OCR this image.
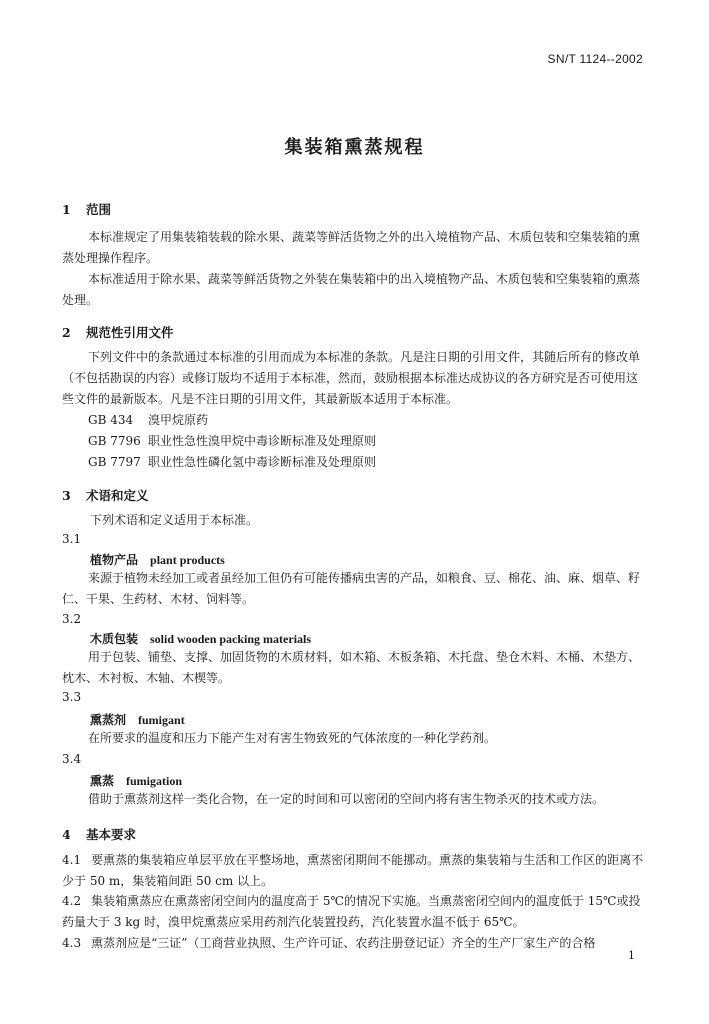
SN/T 1124--2002
集装箱熏蒸规程
1 范围
本标准规定了用集装箱装载的除水果、蔬菜等鲜活货物之外的出入境植物产品、木质包装和空集装箱的熏蒸处理操作程序。
本标准适用于除水果、蔬菜等鲜活货物之外装在集装箱中的出入境植物产品、木质包装和空集装箱的熏蒸处理。
2 规范性引用文件
下列文件中的条款通过本标准的引用而成为本标准的条款。凡是注日期的引用文件，其随后所有的修改单（不包括勘误的内容）或修订版均不适用于本标准，然而，鼓励根据本标准达成协议的各方研究是否可使用这些文件的最新版本。凡是不注日期的引用文件，其最新版本适用于本标准。
GB 434 溴甲烷原药
GB 7796 职业性急性溴甲烷中毒诊断标准及处理原则
GB 7797 职业性急性磷化氢中毒诊断标准及处理原则
3 术语和定义
下列术语和定义适用于本标准。
3.1
植物产品 plant products
来源于植物未经加工或者虽经加工但仍有可能传播病虫害的产品，如粮食、豆、棉花、油、麻、烟草、籽仁、干果、生药材、木材、饲料等。
3.2
木质包装 solid wooden packing materials
用于包装、铺垫、支撑、加固货物的木质材料，如木箱、木板条箱、木托盘、垫仓木料、木桶、木垫方、枕木、木衬板、木轴、木楔等。
3.3
熏蒸剂 fumigant
在所要求的温度和压力下能产生对有害生物致死的气体浓度的一种化学药剂。
3.4
熏蒸 fumigation
借助于熏蒸剂这样一类化合物，在一定的时间和可以密闭的空间内将有害生物杀灭的技术或方法。
4 基本要求
4.1 要熏蒸的集装箱应单层平放在平整场地，熏蒸密闭期间不能挪动。熏蒸的集装箱与生活和工作区的距离不少于 50 m，集装箱间距 50 cm 以上。
4.2 集装箱熏蒸应在熏蒸密闭空间内的温度高于 5℃的情况下实施。当熏蒸密闭空间内的温度低于 15℃或投药量大于 3 kg 时，溴甲烷熏蒸应采用药剂汽化装置投药，汽化装置水温不低于 65℃。
4.3 熏蒸剂应是“三证”（工商营业执照、生产许可证、农药注册登记证）齐全的生产厂家生产的合格
1
